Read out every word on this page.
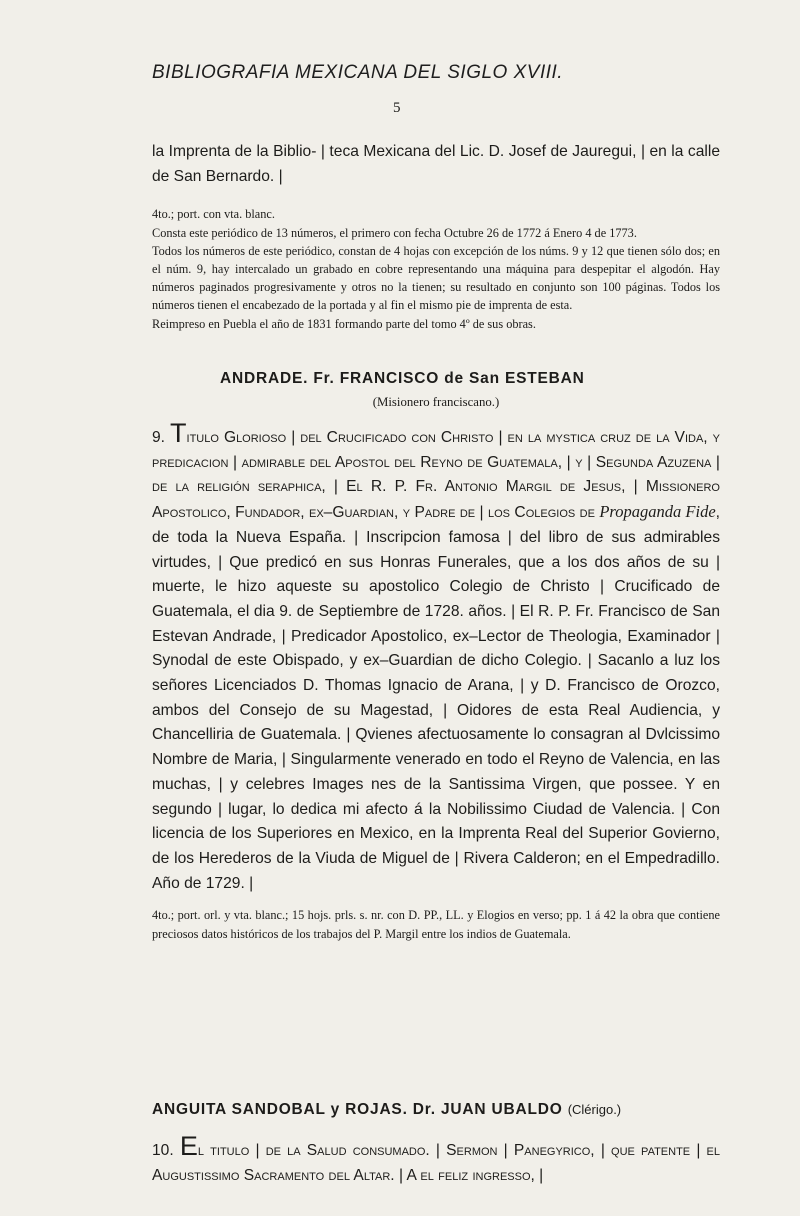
BIBLIOGRAFIA MEXICANA DEL SIGLO XVIII.
5

la Imprenta de la Biblio- | teca Mexicana del Lic. D. Josef de Jauregui, | en la calle de San Bernardo. |

4to.; port. con vta. blanc.

Consta este periódico de 13 números, el primero con fecha Octubre 26 de 1772 á Enero 4 de 1773.

Todos los números de este periódico, constan de 4 hojas con excepción de los núms. 9 y 12 que tienen sólo dos; en el núm. 9, hay intercalado un grabado en cobre representando una máquina para despepitar el algodón. Hay números paginados progresivamente y otros no la tienen; su resultado en conjunto son 100 páginas. Todos los números tienen el encabezado de la portada y al fin el mismo pie de imprenta de esta.

Reimpreso en Puebla el año de 1831 formando parte del tomo 4º de sus obras.

ANDRADE. Fr. FRANCISCO de San ESTEBAN

(Misionero franciscano.)

9. Titulo Glorioso | del Crucificado con Christo | en la mystica cruz de la Vida, y predicacion | admirable del Apostol del Reyno de Guatemala, | y | Segunda Azuzena | de la religión seraphica, | El R. P. Fr. Antonio Margil de Jesus, | Missionero Apostolico, Fundador, ex–Guardian, y Padre de | los Colegios de Propaganda Fide, de toda la Nueva España. | Inscripcion famosa | del libro de sus admirables virtudes, | Que predicó en sus Honras Funerales, que a los dos años de su | muerte, le hizo aqueste su apostolico Colegio de Christo | Crucificado de Guatemala, el dia 9. de Septiembre de 1728. años. | El R. P. Fr. Francisco de San Estevan Andrade, | Predicador Apostolico, ex–Lector de Theologia, Examinador | Synodal de este Obispado, y ex–Guardian de dicho Colegio. | Sacanlo a luz los señores Licenciados D. Thomas Ignacio de Arana, | y D. Francisco de Orozco, ambos del Consejo de su Magestad, | Oidores de esta Real Audiencia, y Chancelliria de Guatemala. | Qvienes afectuosamente lo consagran al Dvlcissimo Nombre de Maria, | Singularmente venerado en todo el Reyno de Valencia, en las muchas, | y celebres Images nes de la Santissima Virgen, que possee. Y en segundo | lugar, lo dedica mi afecto á la Nobilissimo Ciudad de Valencia. | Con licencia de los Superiores en Mexico, en la Imprenta Real del Superior Govierno, de los Herederos de la Viuda de Miguel de | Rivera Calderon; en el Empedradillo. Año de 1729. |

4to.; port. orl. y vta. blanc.; 15 hojs. prls. s. nr. con D. PP., LL. y Elogios en verso; pp. 1 á 42 la obra que contiene preciosos datos históricos de los trabajos del P. Margil entre los indios de Guatemala.

ANGUITA SANDOBAL y ROJAS. Dr. JUAN UBALDO (Clérigo.)

10. El titulo | de la Salud consumado. | Sermon | Panegyrico, | que patente | el Augustissimo Sacramento del Altar. | A el feliz ingresso, |
